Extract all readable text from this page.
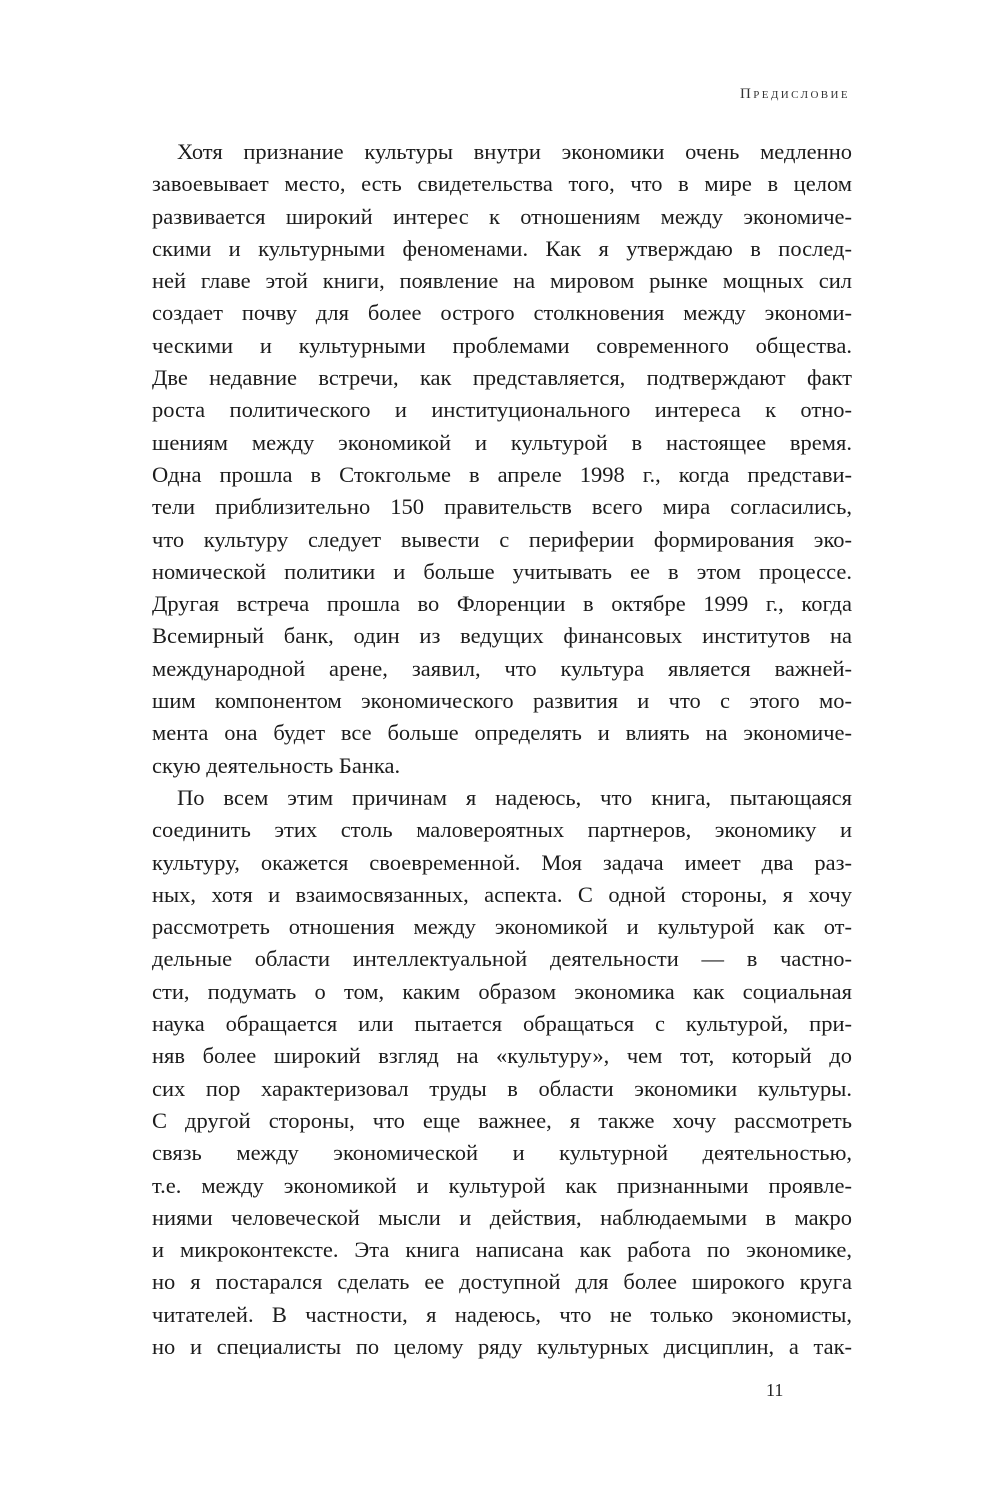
Предисловие
Хотя признание культуры внутри экономики очень медленно
завоевывает место, есть свидетельства того, что в мире в целом
развивается широкий интерес к отношениям между экономиче-
скими и культурными феноменами. Как я утверждаю в послед-
ней главе этой книги, появление на мировом рынке мощных сил
создает почву для более острого столкновения между экономи-
ческими и культурными проблемами современного общества.
Две недавние встречи, как представляется, подтверждают факт
роста политического и институционального интереса к отно-
шениям между экономикой и культурой в настоящее время.
Одна прошла в Стокгольме в апреле 1998 г., когда представи-
тели приблизительно 150 правительств всего мира согласились,
что культуру следует вывести с периферии формирования эко-
номической политики и больше учитывать ее в этом процессе.
Другая встреча прошла во Флоренции в октябре 1999 г., когда
Всемирный банк, один из ведущих финансовых институтов на
международной арене, заявил, что культура является важней-
шим компонентом экономического развития и что с этого мо-
мента она будет все больше определять и влиять на экономиче-
скую деятельность Банка.
По всем этим причинам я надеюсь, что книга, пытающаяся
соединить этих столь маловероятных партнеров, экономику и
культуру, окажется своевременной. Моя задача имеет два раз-
ных, хотя и взаимосвязанных, аспекта. С одной стороны, я хочу
рассмотреть отношения между экономикой и культурой как от-
дельные области интеллектуальной деятельности — в частно-
сти, подумать о том, каким образом экономика как социальная
наука обращается или пытается обращаться с культурой, при-
няв более широкий взгляд на «культуру», чем тот, который до
сих пор характеризовал труды в области экономики культуры.
С другой стороны, что еще важнее, я также хочу рассмотреть
связь между экономической и культурной деятельностью,
т.е. между экономикой и культурой как признанными проявле-
ниями человеческой мысли и действия, наблюдаемыми в макро
и микроконтексте. Эта книга написана как работа по экономике,
но я постарался сделать ее доступной для более широкого круга
читателей. В частности, я надеюсь, что не только экономисты,
но и специалисты по целому ряду культурных дисциплин, а так-
11
